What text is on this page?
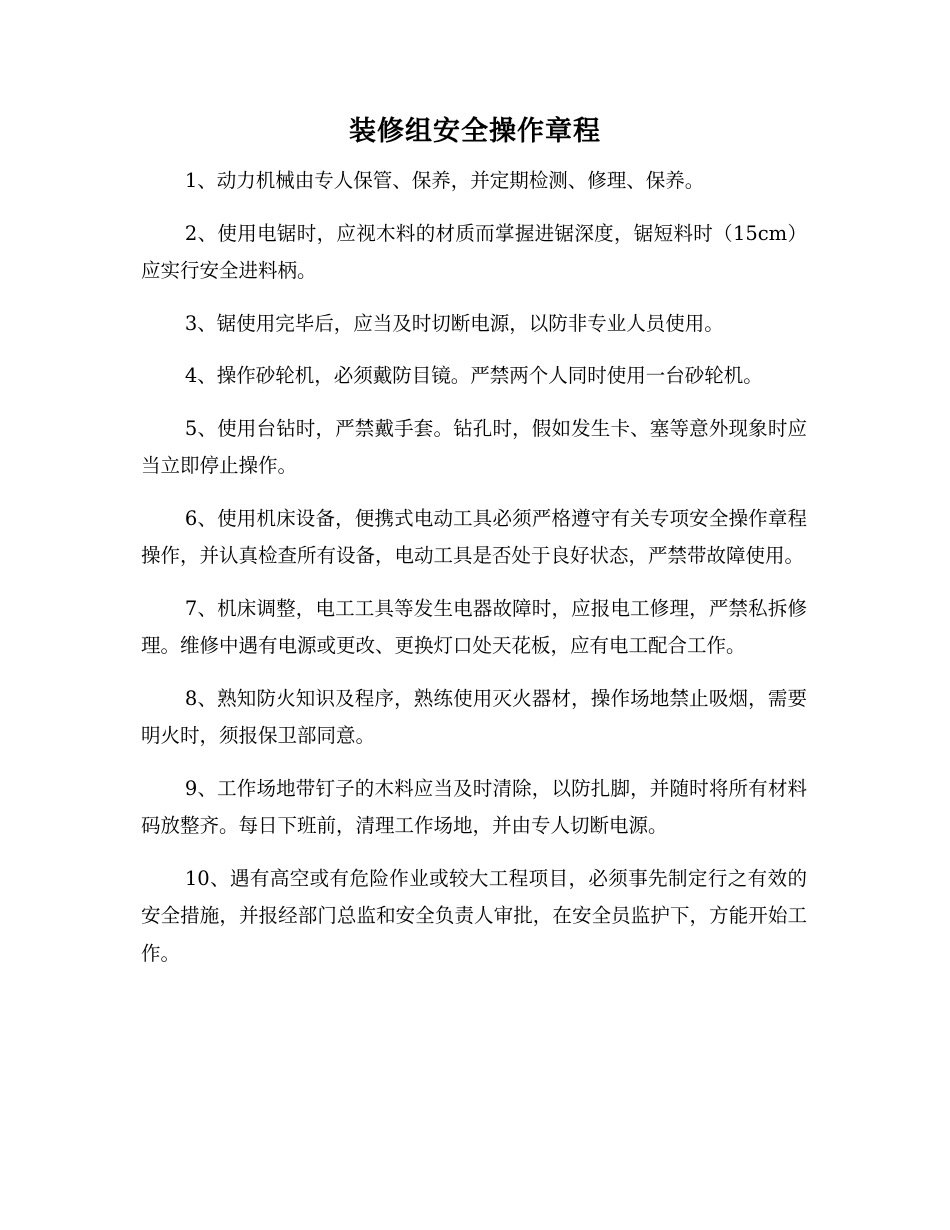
装修组安全操作章程

1、动力机械由专人保管、保养，并定期检测、修理、保养。

2、使用电锯时，应视木料的材质而掌握进锯深度，锯短料时（15cm）应实行安全进料柄。

3、锯使用完毕后，应当及时切断电源，以防非专业人员使用。

4、操作砂轮机，必须戴防目镜。严禁两个人同时使用一台砂轮机。

5、使用台钻时，严禁戴手套。钻孔时，假如发生卡、塞等意外现象时应当立即停止操作。

6、使用机床设备，便携式电动工具必须严格遵守有关专项安全操作章程操作，并认真检查所有设备，电动工具是否处于良好状态，严禁带故障使用。

7、机床调整，电工工具等发生电器故障时，应报电工修理，严禁私拆修理。维修中遇有电源或更改、更换灯口处天花板，应有电工配合工作。

8、熟知防火知识及程序，熟练使用灭火器材，操作场地禁止吸烟，需要明火时，须报保卫部同意。

9、工作场地带钉子的木料应当及时清除，以防扎脚，并随时将所有材料码放整齐。每日下班前，清理工作场地，并由专人切断电源。

10、遇有高空或有危险作业或较大工程项目，必须事先制定行之有效的安全措施，并报经部门总监和安全负责人审批，在安全员监护下，方能开始工作。
